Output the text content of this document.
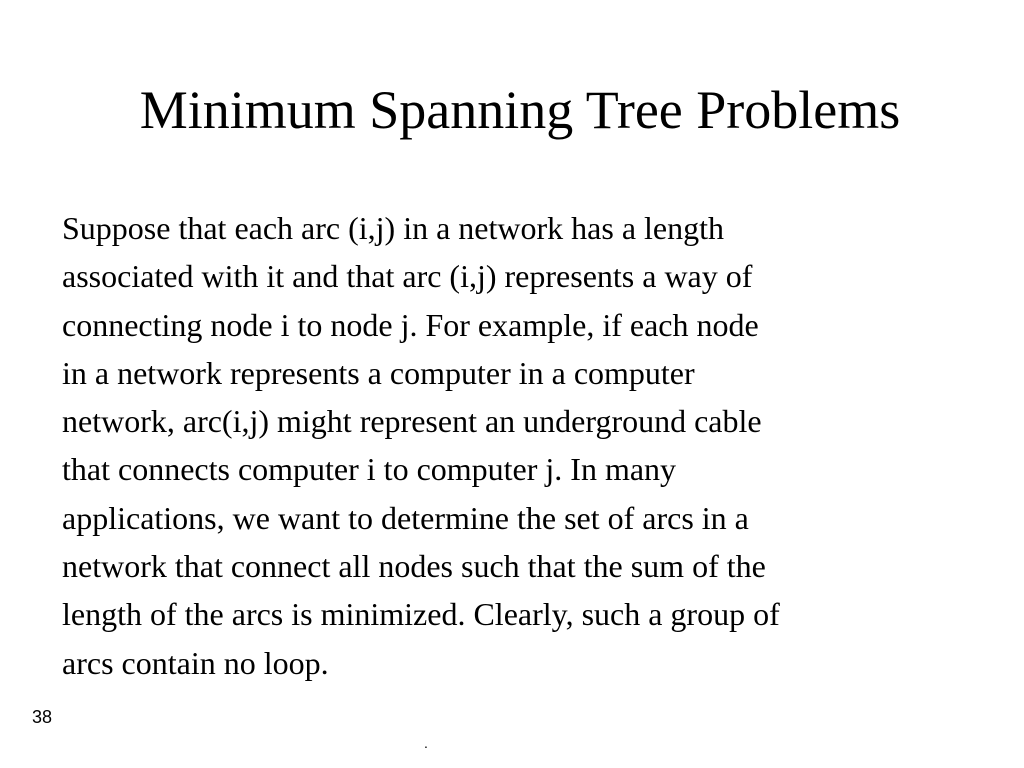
Minimum Spanning Tree Problems

Suppose that each arc (i,j) in a network has a length
associated with it and that arc (i,j) represents a way of
connecting node i to node j. For example, if each node
in a network represents a computer in a computer
network, arc(i,j) might represent an underground cable
that connects computer i to computer j. In many
applications, we want to determine the set of arcs in a
network that connect all nodes such that the sum of the
length of the arcs is minimized. Clearly, such a group of
arcs contain no loop.

38
.
